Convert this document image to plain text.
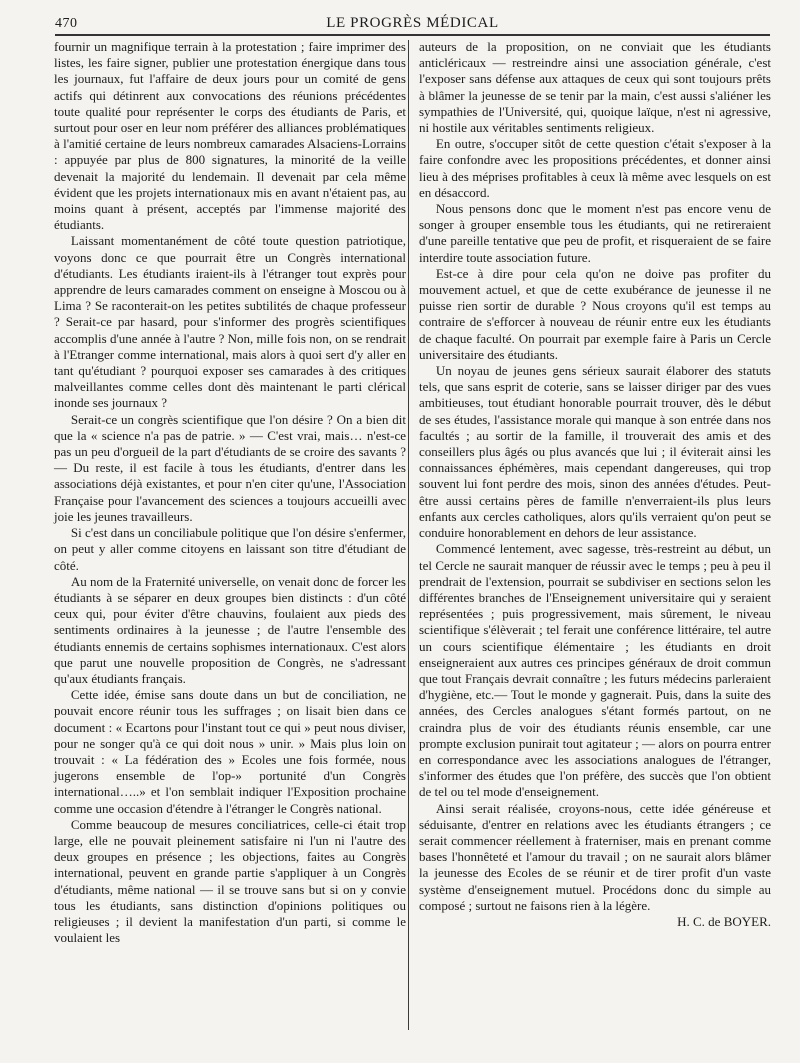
470	LE PROGRÈS MÉDICAL

fournir un magnifique terrain à la protestation ; faire imprimer des listes, les faire signer, publier une protestation énergique dans tous les journaux, fut l'affaire de deux jours pour un comité de gens actifs qui détinrent aux convocations des réunions précédentes toute qualité pour représenter le corps des étudiants de Paris, et surtout pour oser en leur nom préférer des alliances problématiques à l'amitié certaine de leurs nombreux camarades Alsaciens-Lorrains : appuyée par plus de 800 signatures, la minorité de la veille devenait la majorité du lendemain. Il devenait par cela même évident que les projets internationaux mis en avant n'étaient pas, au moins quant à présent, acceptés par l'immense majorité des étudiants.

Laissant momentanément de côté toute question patriotique, voyons donc ce que pourrait être un Congrès international d'étudiants. Les étudiants iraient-ils à l'étranger tout exprès pour apprendre de leurs camarades comment on enseigne à Moscou ou à Lima ? Se raconterait-on les petites subtilités de chaque professeur ? Serait-ce par hasard, pour s'informer des progrès scientifiques accomplis d'une année à l'autre ? Non, mille fois non, on se rendrait à l'Etranger comme international, mais alors à quoi sert d'y aller en tant qu'étudiant ? pourquoi exposer ses camarades à des critiques malveillantes comme celles dont dès maintenant le parti clérical inonde ses journaux ?

Serait-ce un congrès scientifique que l'on désire ? On a bien dit que la « science n'a pas de patrie. » — C'est vrai, mais… n'est-ce pas un peu d'orgueil de la part d'étudiants de se croire des savants ? — Du reste, il est facile à tous les étudiants, d'entrer dans les associations déjà existantes, et pour n'en citer qu'une, l'Association Française pour l'avancement des sciences a toujours accueilli avec joie les jeunes travailleurs.

Si c'est dans un conciliabule politique que l'on désire s'enfermer, on peut y aller comme citoyens en laissant son titre d'étudiant de côté.

Au nom de la Fraternité universelle, on venait donc de forcer les étudiants à se séparer en deux groupes bien distincts : d'un côté ceux qui, pour éviter d'être chauvins, foulaient aux pieds des sentiments ordinaires à la jeunesse ; de l'autre l'ensemble des étudiants ennemis de certains sophismes internationaux. C'est alors que parut une nouvelle proposition de Congrès, ne s'adressant qu'aux étudiants français.

Cette idée, émise sans doute dans un but de conciliation, ne pouvait encore réunir tous les suffrages ; on lisait bien dans ce document : « Ecartons pour l'instant tout ce qui » peut nous diviser, pour ne songer qu'à ce qui doit nous » unir. » Mais plus loin on trouvait : « La fédération des » Ecoles une fois formée, nous jugerons ensemble de l'op-» portunité d'un Congrès international…..» et l'on semblait indiquer l'Exposition prochaine comme une occasion d'étendre à l'étranger le Congrès national.

Comme beaucoup de mesures conciliatrices, celle-ci était trop large, elle ne pouvait pleinement satisfaire ni l'un ni l'autre des deux groupes en présence ; les objections, faites au Congrès international, peuvent en grande partie s'appliquer à un Congrès d'étudiants, même national — il se trouve sans but si on y convie tous les étudiants, sans distinction d'opinions politiques ou religieuses ; il devient la manifestation d'un parti, si comme le voulaient les

auteurs de la proposition, on ne conviait que les étudiants anticléricaux — restreindre ainsi une association générale, c'est l'exposer sans défense aux attaques de ceux qui sont toujours prêts à blâmer la jeunesse de se tenir par la main, c'est aussi s'aliéner les sympathies de l'Université, qui, quoique laïque, n'est ni agressive, ni hostile aux véritables sentiments religieux.

En outre, s'occuper sitôt de cette question c'était s'exposer à la faire confondre avec les propositions précédentes, et donner ainsi lieu à des méprises profitables à ceux là même avec lesquels on est en désaccord.

Nous pensons donc que le moment n'est pas encore venu de songer à grouper ensemble tous les étudiants, qui ne retireraient d'une pareille tentative que peu de profit, et risqueraient de se faire interdire toute association future.

Est-ce à dire pour cela qu'on ne doive pas profiter du mouvement actuel, et que de cette exubérance de jeunesse il ne puisse rien sortir de durable ? Nous croyons qu'il est temps au contraire de s'efforcer à nouveau de réunir entre eux les étudiants de chaque faculté. On pourrait par exemple faire à Paris un Cercle universitaire des étudiants.

Un noyau de jeunes gens sérieux saurait élaborer des statuts tels, que sans esprit de coterie, sans se laisser diriger par des vues ambitieuses, tout étudiant honorable pourrait trouver, dès le début de ses études, l'assistance morale qui manque à son entrée dans nos facultés ; au sortir de la famille, il trouverait des amis et des conseillers plus âgés ou plus avancés que lui ; il éviterait ainsi les connaissances éphémères, mais cependant dangereuses, qui trop souvent lui font perdre des mois, sinon des années d'études. Peut-être aussi certains pères de famille n'enverraient-ils plus leurs enfants aux cercles catholiques, alors qu'ils verraient qu'on peut se conduire honorablement en dehors de leur assistance.

Commencé lentement, avec sagesse, très-restreint au début, un tel Cercle ne saurait manquer de réussir avec le temps ; peu à peu il prendrait de l'extension, pourrait se subdiviser en sections selon les différentes branches de l'Enseignement universitaire qui y seraient représentées ; puis progressivement, mais sûrement, le niveau scientifique s'élèverait ; tel ferait une conférence littéraire, tel autre un cours scientifique élémentaire ; les étudiants en droit enseigneraient aux autres ces principes généraux de droit commun que tout Français devrait connaître ; les futurs médecins parleraient d'hygiène, etc.— Tout le monde y gagnerait. Puis, dans la suite des années, des Cercles analogues s'étant formés partout, on ne craindra plus de voir des étudiants réunis ensemble, car une prompte exclusion punirait tout agitateur ; — alors on pourra entrer en correspondance avec les associations analogues de l'étranger, s'informer des études que l'on préfère, des succès que l'on obtient de tel ou tel mode d'enseignement.

Ainsi serait réalisée, croyons-nous, cette idée généreuse et séduisante, d'entrer en relations avec les étudiants étrangers ; ce serait commencer réellement à fraterniser, mais en prenant comme bases l'honnêteté et l'amour du travail ; on ne saurait alors blâmer la jeunesse des Ecoles de se réunir et de tirer profit d'un vaste système d'enseignement mutuel. Procédons donc du simple au composé ; surtout ne faisons rien à la légère.

H. C. de BOYER.
